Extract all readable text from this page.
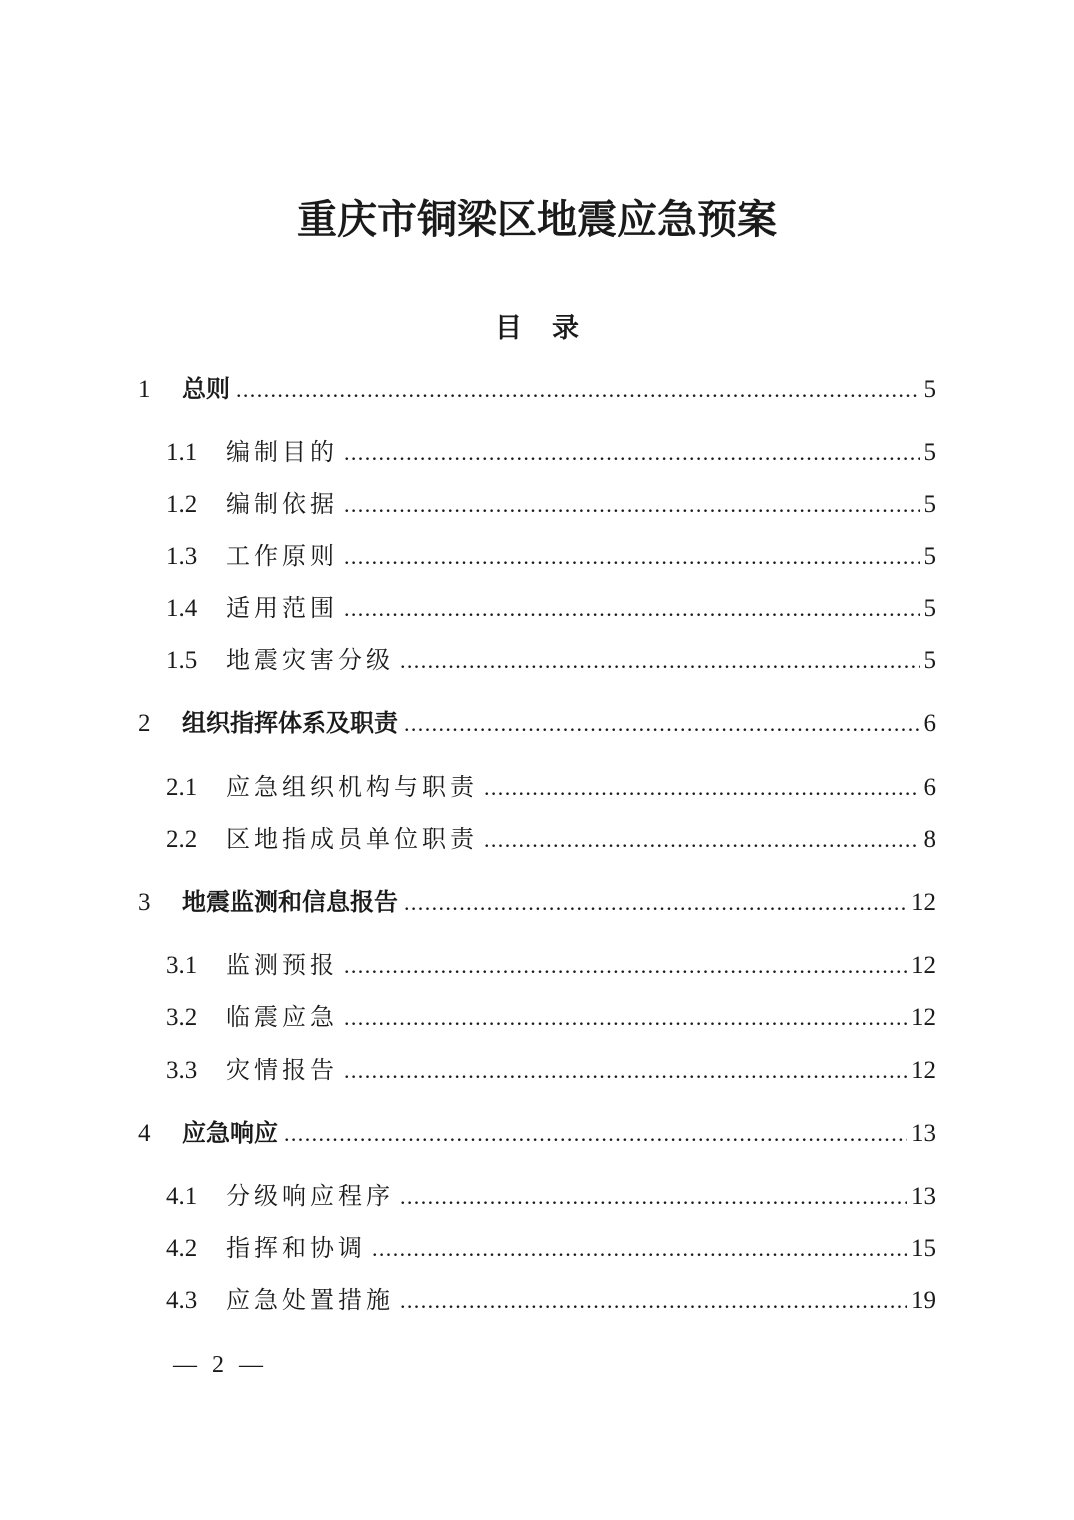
重庆市铜梁区地震应急预案
目 录
1	总则 .....	5
1.1	编制目的 .....	5
1.2	编制依据 .....	5
1.3	工作原则 .....	5
1.4	适用范围 .....	5
1.5	地震灾害分级 .....	5
2	组织指挥体系及职责 .....	6
2.1	应急组织机构与职责 .....	6
2.2	区地指成员单位职责 .....	8
3	地震监测和信息报告 .....	12
3.1	监测预报 .....	12
3.2	临震应急 .....	12
3.3	灾情报告 .....	12
4	应急响应 .....	13
4.1	分级响应程序 .....	13
4.2	指挥和协调 .....	15
4.3	应急处置措施 .....	19
— 2 —
